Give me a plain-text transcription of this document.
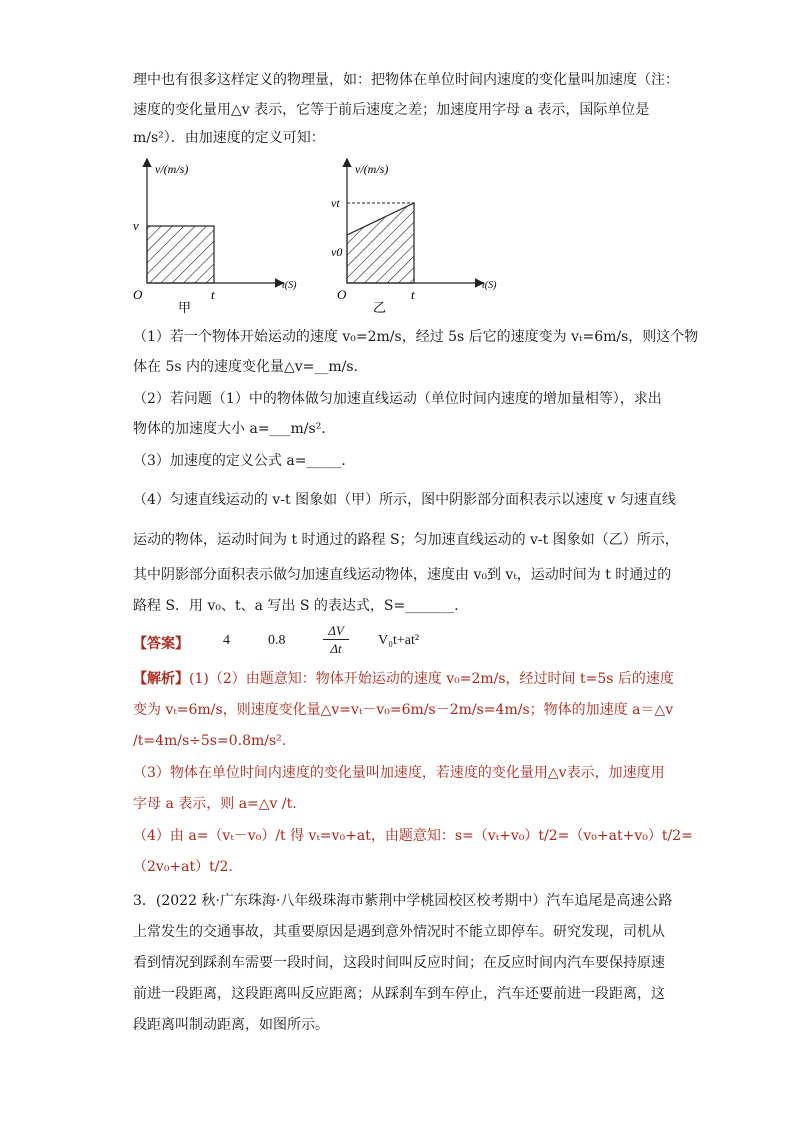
理中也有很多这样定义的物理量，如：把物体在单位时间内速度的变化量叫加速度（注：
速度的变化量用△v 表示，它等于前后速度之差；加速度用字母 a 表示，国际单位是
m/s²）．由加速度的定义可知：
v/(m/s)
t(S)
O
v
t
甲
v/(m/s)
t(S)
O
vt
v0
t
乙
（1）若一个物体开始运动的速度 v₀=2m/s，经过 5s 后它的速度变为 vₜ=6m/s，则这个物
体在 5s 内的速度变化量△v=__m/s．
（2）若问题（1）中的物体做匀加速直线运动（单位时间内速度的增加量相等），求出
物体的加速度大小 a=___m/s²．
（3）加速度的定义公式 a=_____．
（4）匀速直线运动的 v-t 图象如（甲）所示，图中阴影部分面积表示以速度 v 匀速直线
运动的物体，运动时间为 t 时通过的路程 S；匀加速直线运动的 v-t 图象如（乙）所示，
其中阴影部分面积表示做匀加速直线运动物体，速度由 v₀到 vₜ，运动时间为 t 时通过的
路程 S．用 v₀、t、a 写出 S 的表达式，S=_______．
【答案】 4	0.8	$\frac{\Delta V}{\Delta t} V_0t+at^2$
【解析】(1)（2）由题意知：物体开始运动的速度 v₀=2m/s，经过时间 t=5s 后的速度
变为 vₜ=6m/s，则速度变化量△v=vₜ－v₀=6m/s－2m/s=4m/s；物体的加速度 a＝△v
/t=4m/s÷5s=0.8m/s².
（3）物体在单位时间内速度的变化量叫加速度，若速度的变化量用△v表示，加速度用
字母 a 表示，则 a=△v /t.
（4）由 a=（vₜ－v₀）/t 得 vₜ=v₀+at，由题意知：s=（vₜ+v₀）t/2=（v₀+at+v₀）t/2=
（2v₀+at）t/2.
3．(2022 秋·广东珠海·八年级珠海市紫荆中学桃园校区校考期中）汽车追尾是高速公路
上常发生的交通事故，其重要原因是遇到意外情况时不能立即停车。研究发现，司机从
看到情况到踩刹车需要一段时间，这段时间叫反应时间；在反应时间内汽车要保持原速
前进一段距离，这段距离叫反应距离；从踩刹车到车停止，汽车还要前进一段距离，这
段距离叫制动距离，如图所示。
